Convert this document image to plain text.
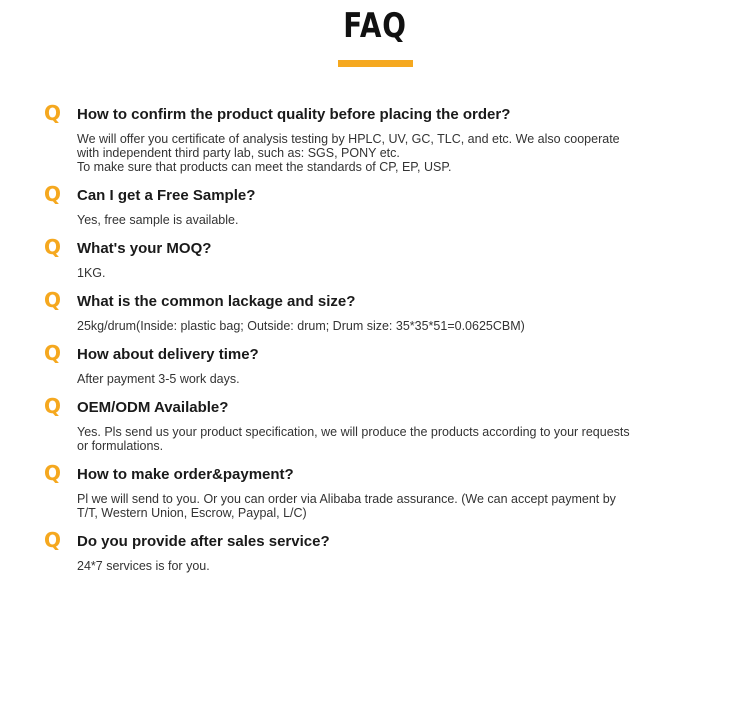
FAQ
Q	How to confirm the product quality before placing the order?
We will offer you certificate of analysis testing by HPLC, UV, GC, TLC, and etc. We also cooperate
with independent third party lab, such as: SGS, PONY etc.
To make sure that products can meet the standards of CP, EP, USP.
Q	Can I get a Free Sample?
Yes, free sample is available.
Q	What's your MOQ?
1KG.
Q	What is the common lackage and size?
25kg/drum(Inside: plastic bag; Outside: drum; Drum size: 35*35*51=0.0625CBM)
Q	How about delivery time?
After payment 3-5 work days.
Q	OEM/ODM Available?
Yes. Pls send us your product specification, we will produce the products according to your requests
or formulations.
Q	How to make order&payment?
Pl we will send to you. Or you can order via Alibaba trade assurance. (We can accept payment by
T/T, Western Union, Escrow, Paypal, L/C)
Q	Do you provide after sales service?
24*7 services is for you.
